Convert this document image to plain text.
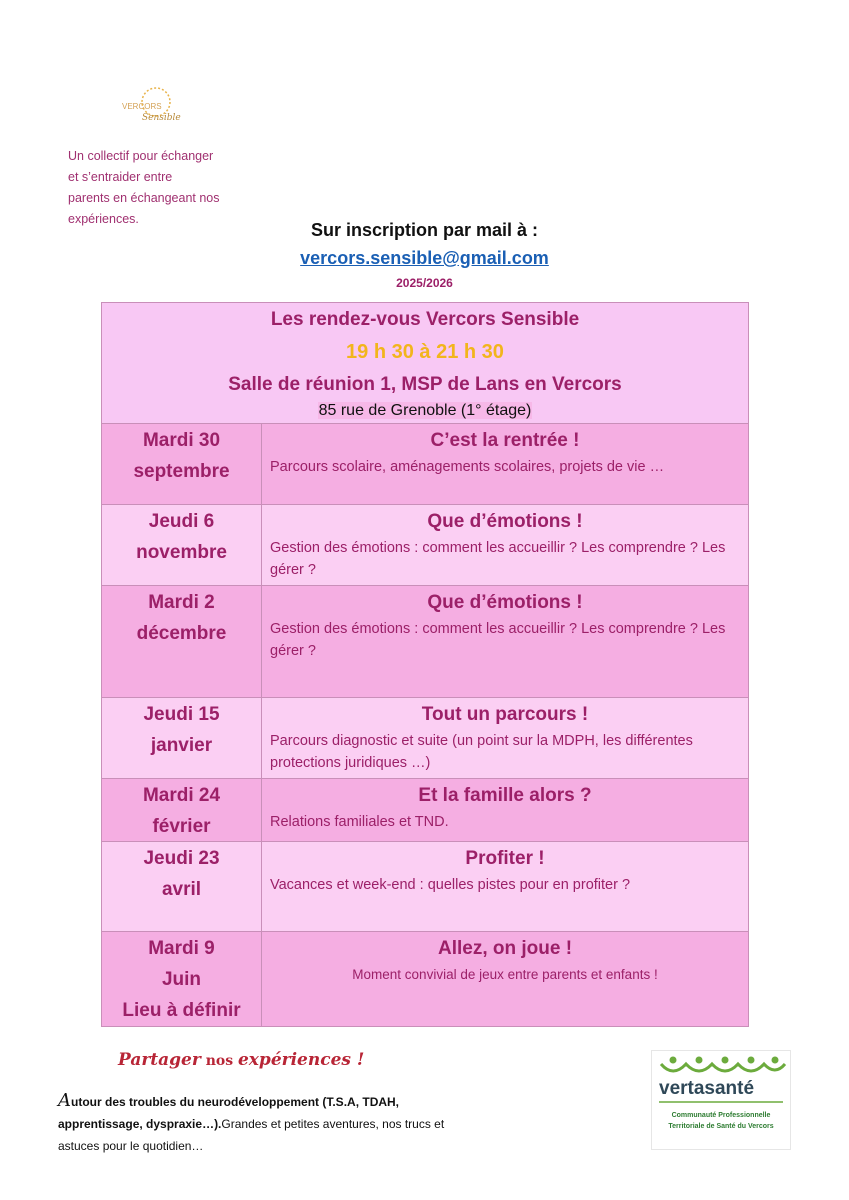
VERCORS
Sensible
Un collectif pour échanger
et s’entraider entre
parents en échangeant nos
expériences.
Sur inscription par mail à :
vercors.sensible@gmail.com
2025/2026
Les rendez-vous Vercors Sensible
19 h 30 à 21 h 30
Salle de réunion 1, MSP de Lans en Vercors
85 rue de Grenoble (1° étage)
Mardi 30
septembre
C’est la rentrée !
Parcours scolaire, aménagements scolaires, projets de vie …
Jeudi 6
novembre
Que d’émotions !
Gestion des émotions : comment les accueillir ? Les comprendre ? Les gérer ?
Mardi 2
décembre
Que d’émotions !
Gestion des émotions : comment les accueillir ? Les comprendre ? Les gérer ?
Jeudi 15
janvier
Tout un parcours !
Parcours diagnostic et suite (un point sur la MDPH, les différentes protections juridiques …)
Mardi 24
février
Et la famille alors ?
Relations familiales et TND.
Jeudi 23
avril
Profiter !
Vacances et week-end : quelles pistes pour en profiter ?
Mardi 9
Juin
Lieu à définir
Allez, on joue !
Moment convivial de jeux entre parents et enfants !
Partager nos expériences !
Autour des troubles du neurodéveloppement (T.S.A, TDAH, apprentissage, dyspraxie…).Grandes et petites aventures, nos trucs et astuces pour le quotidien…
vertasanté
Communauté Professionnelle
Territoriale de Santé du Vercors
